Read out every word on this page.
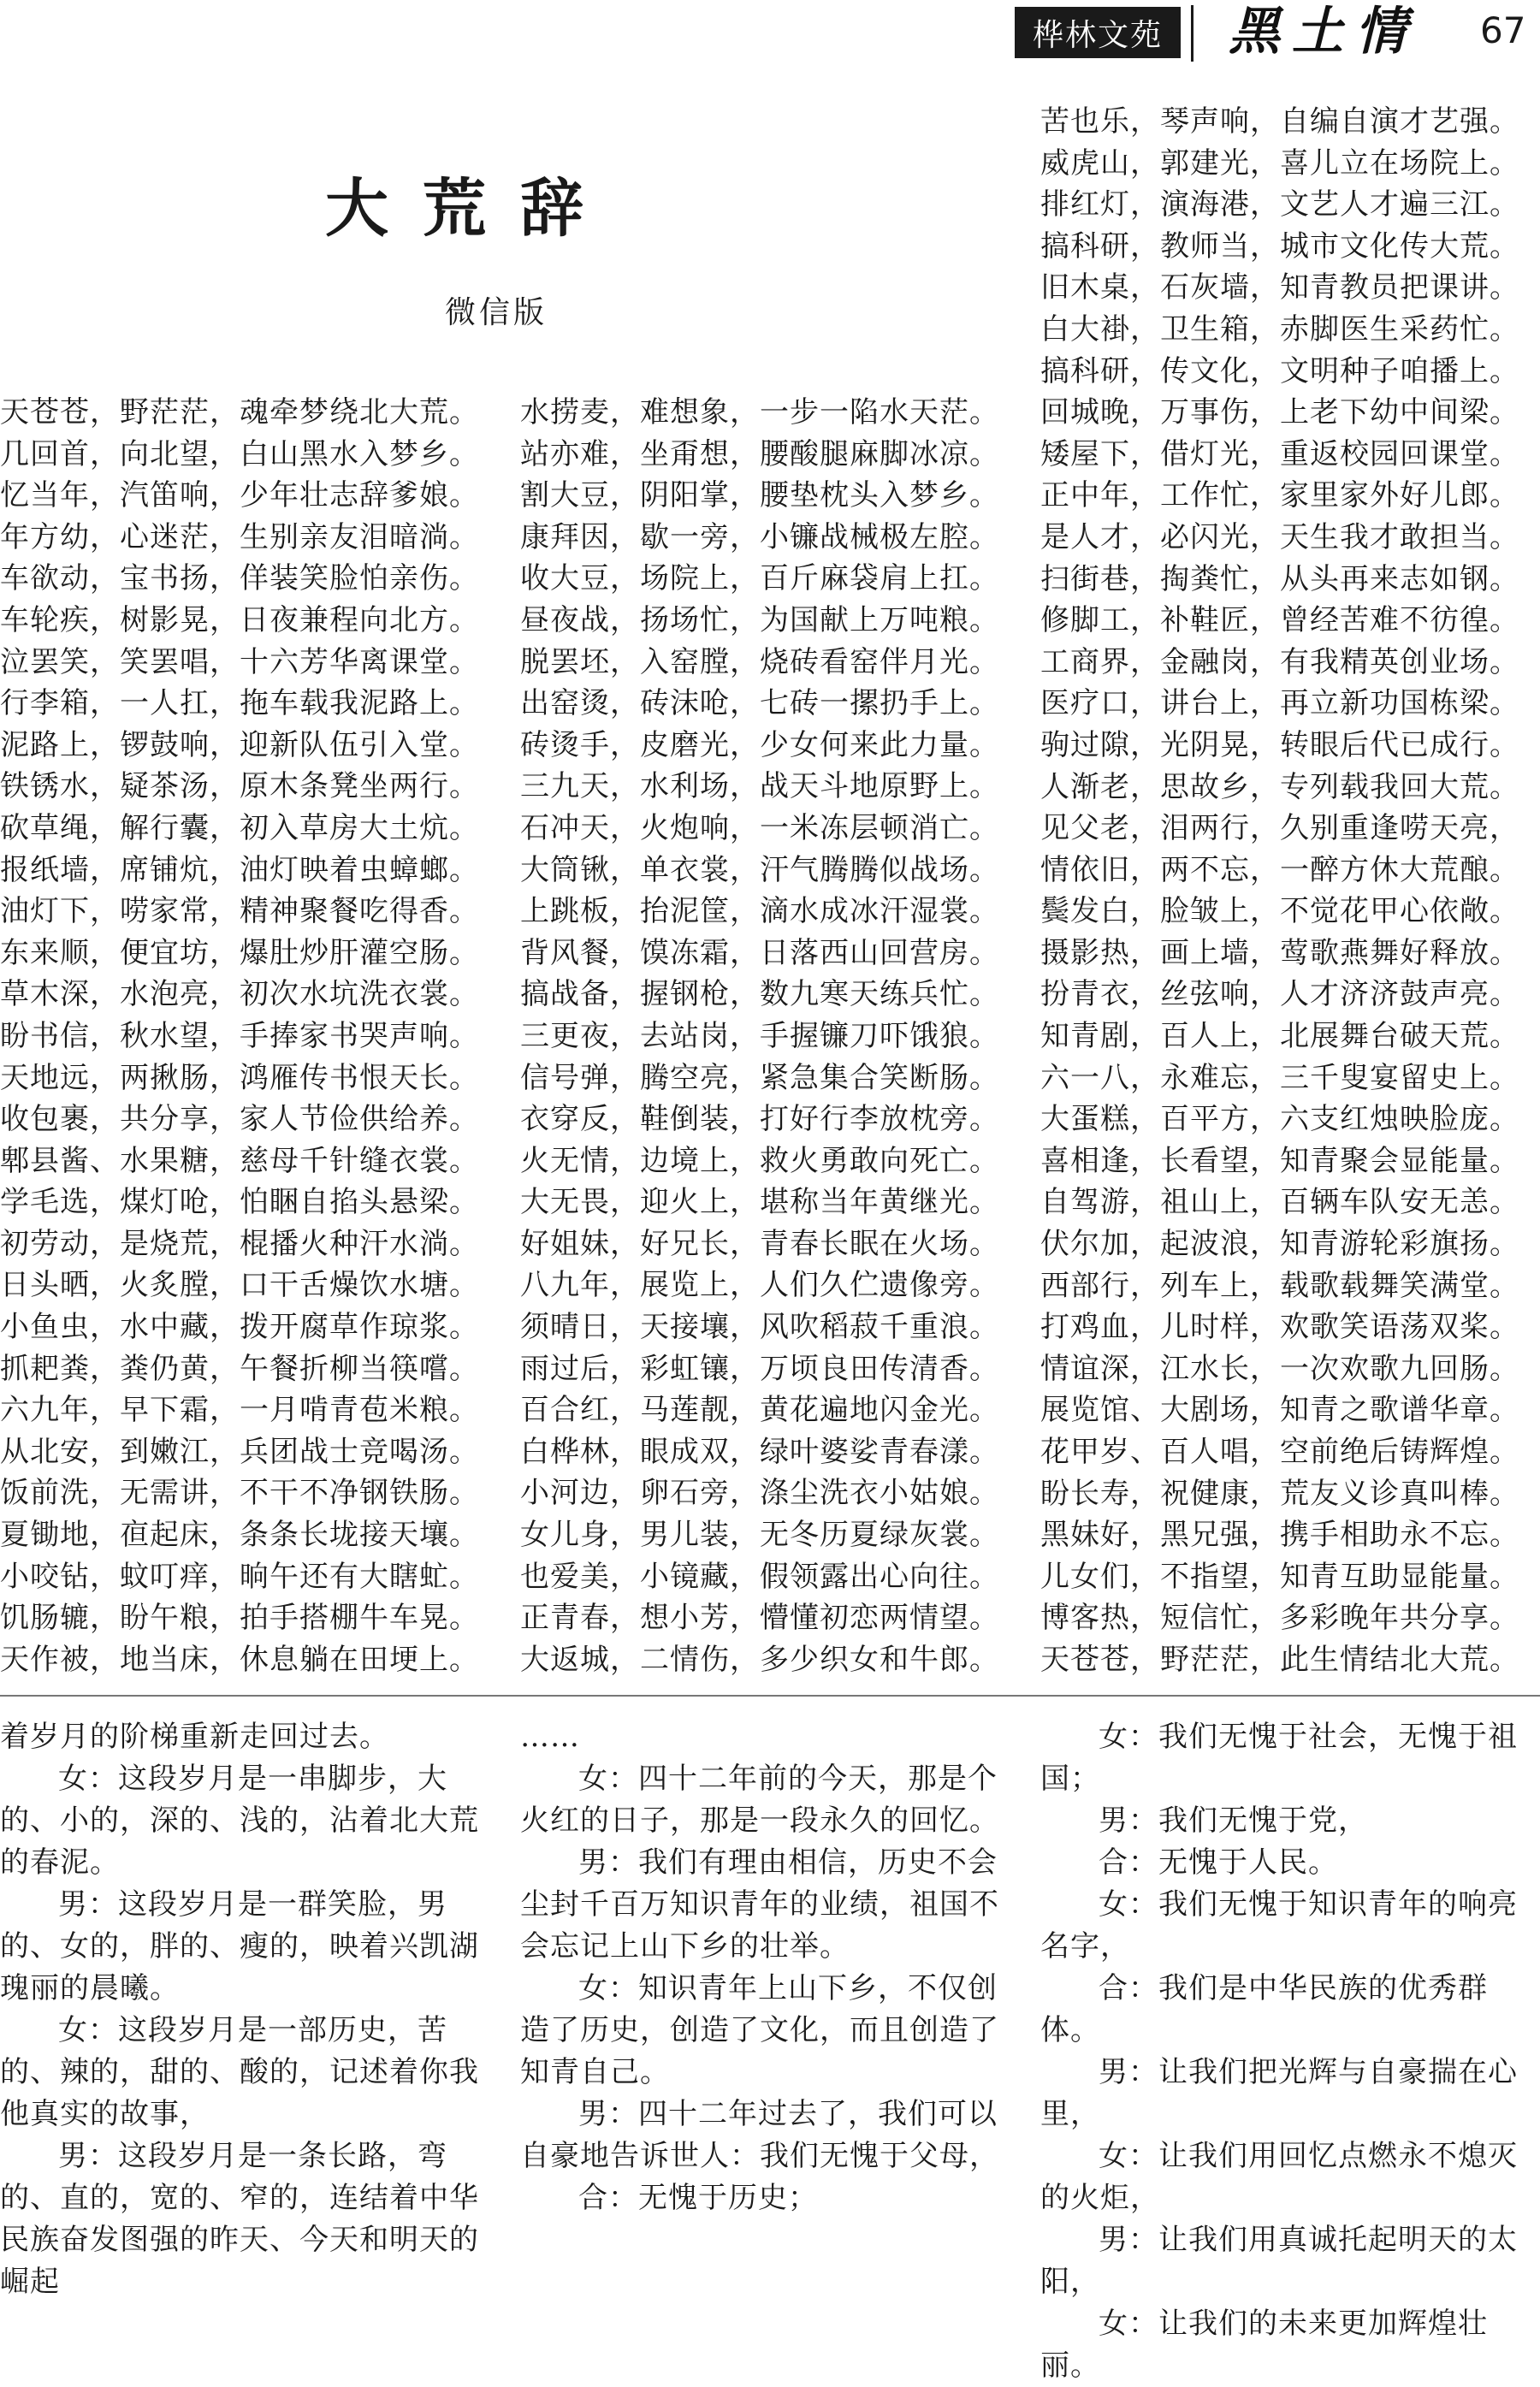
桦林文苑 黑土情	67
大荒辞
微信版
天苍苍，野茫茫，魂牵梦绕北大荒。
几回首，向北望，白山黑水入梦乡。
忆当年，汽笛响，少年壮志辞爹娘。
年方幼，心迷茫，生别亲友泪暗淌。
车欲动，宝书扬，佯装笑脸怕亲伤。
车轮疾，树影晃，日夜兼程向北方。
泣罢笑，笑罢唱，十六芳华离课堂。
行李箱，一人扛，拖车载我泥路上。
泥路上，锣鼓响，迎新队伍引入堂。
铁锈水，疑茶汤，原木条凳坐两行。
砍草绳，解行囊，初入草房大土炕。
报纸墙，席铺炕，油灯映着虫蟑螂。
油灯下，唠家常，精神聚餐吃得香。
东来顺，便宜坊，爆肚炒肝灌空肠。
草木深，水泡亮，初次水坑洗衣裳。
盼书信，秋水望，手捧家书哭声响。
天地远，两揪肠，鸿雁传书恨天长。
收包裹，共分享，家人节俭供给养。
郫县酱、水果糖，慈母千针缝衣裳。
学毛选，煤灯呛，怕睏自掐头悬梁。
初劳动，是烧荒，棍播火种汗水淌。
日头晒，火炙膛，口干舌燥饮水塘。
小鱼虫，水中藏，拨开腐草作琼浆。
抓耙粪，粪仍黄，午餐折柳当筷嚐。
六九年，早下霜，一月啃青苞米粮。
从北安，到嫩江，兵团战士竞喝汤。
饭前洗，无需讲，不干不净钢铁肠。
夏锄地，亱起床，条条长垅接天壤。
小咬钻，蚊叮痒，晌午还有大瞎虻。
饥肠辘，盼午粮，拍手搭棚牛车晃。
天作被，地当床，休息躺在田埂上。
水捞麦，难想象，一步一陷水天茫。
站亦难，坐甭想，腰酸腿麻脚冰凉。
割大豆，阴阳掌，腰垫枕头入梦乡。
康拜因，歇一旁，小镰战械极左腔。
收大豆，场院上，百斤麻袋肩上扛。
昼夜战，扬场忙，为国献上万吨粮。
脱罢坯，入窑膛，烧砖看窑伴月光。
出窑烫，砖沫呛，七砖一摞扔手上。
砖烫手，皮磨光，少女何来此力量。
三九天，水利场，战天斗地原野上。
石冲天，火炮响，一米冻层顿消亡。
大筒锹，单衣裳，汗气腾腾似战场。
上跳板，抬泥筐，滴水成冰汗湿裳。
背风餐，馍冻霜，日落西山回营房。
搞战备，握钢枪，数九寒天练兵忙。
三更夜，去站岗，手握镰刀吓饿狼。
信号弹，腾空亮，紧急集合笑断肠。
衣穿反，鞋倒装，打好行李放枕旁。
火无情，边境上，救火勇敢向死亡。
大无畏，迎火上，堪称当年黄继光。
好姐妹，好兄长，青春长眠在火场。
八九年，展览上，人们久伫遗像旁。
须晴日，天接壤，风吹稻菽千重浪。
雨过后，彩虹镶，万顷良田传清香。
百合红，马莲靓，黄花遍地闪金光。
白桦林，眼成双，绿叶婆娑青春漾。
小河边，卵石旁，涤尘洗衣小姑娘。
女儿身，男儿装，无冬历夏绿灰裳。
也爱美，小镜藏，假领露出心向往。
正青春，想小芳，懵懂初恋两情望。
大返城，二情伤，多少织女和牛郎。
苦也乐，琴声响，自编自演才艺强。
威虎山，郭建光，喜儿立在场院上。
排红灯，演海港，文艺人才遍三江。
搞科研，教师当，城市文化传大荒。
旧木桌，石灰墙，知青教员把课讲。
白大褂，卫生箱，赤脚医生采药忙。
搞科研，传文化，文明种子咱播上。
回城晚，万事伤，上老下幼中间梁。
矮屋下，借灯光，重返校园回课堂。
正中年，工作忙，家里家外好儿郎。
是人才，必闪光，天生我才敢担当。
扫街巷，掏粪忙，从头再来志如钢。
修脚工，补鞋匠，曾经苦难不彷徨。
工商界，金融岗，有我精英创业场。
医疗口，讲台上，再立新功国栋梁。
驹过隙，光阴晃，转眼后代已成行。
人渐老，思故乡，专列载我回大荒。
见父老，泪两行，久别重逢唠天亮，
情依旧，两不忘，一醉方休大荒酿。
鬓发白，脸皱上，不觉花甲心依敞。
摄影热，画上墙，莺歌燕舞好释放。
扮青衣，丝弦响，人才济济鼓声亮。
知青剧，百人上，北展舞台破天荒。
六一八，永难忘，三千叟宴留史上。
大蛋糕，百平方，六支红烛映脸庞。
喜相逢，长看望，知青聚会显能量。
自驾游，祖山上，百辆车队安无恙。
伏尔加，起波浪，知青游轮彩旗扬。
西部行，列车上，载歌载舞笑满堂。
打鸡血，儿时样，欢歌笑语荡双桨。
情谊深，江水长，一次欢歌九回肠。
展览馆、大剧场，知青之歌谱华章。
花甲岁、百人唱，空前绝后铸辉煌。
盼长寿，祝健康，荒友义诊真叫棒。
黑妹好，黑兄强，携手相助永不忘。
儿女们，不指望，知青互助显能量。
博客热，短信忙，多彩晚年共分享。
天苍苍，野茫茫，此生情结北大荒。

着岁月的阶梯重新走回过去。

女：这段岁月是一串脚步，大的、小的，深的、浅的，沾着北大荒的春泥。

男：这段岁月是一群笑脸，男的、女的，胖的、瘦的，映着兴凯湖瑰丽的晨曦。

女：这段岁月是一部历史，苦的、辣的，甜的、酸的，记述着你我他真实的故事，

男：这段岁月是一条长路，弯的、直的，宽的、窄的，连结着中华民族奋发图强的昨天、今天和明天的崛起

……

女：四十二年前的今天，那是个火红的日子，那是一段永久的回忆。

男：我们有理由相信，历史不会尘封千百万知识青年的业绩，祖国不会忘记上山下乡的壮举。

女：知识青年上山下乡，不仅创造了历史，创造了文化，而且创造了知青自己。

男：四十二年过去了，我们可以自豪地告诉世人：我们无愧于父母，

合：无愧于历史；

女：我们无愧于社会，无愧于祖国；

男：我们无愧于党，

合：无愧于人民。

女：我们无愧于知识青年的响亮名字，

合：我们是中华民族的优秀群体。

男：让我们把光辉与自豪揣在心里，

女：让我们用回忆点燃永不熄灭的火炬，

男：让我们用真诚托起明天的太阳，

女：让我们的未来更加辉煌壮丽。
